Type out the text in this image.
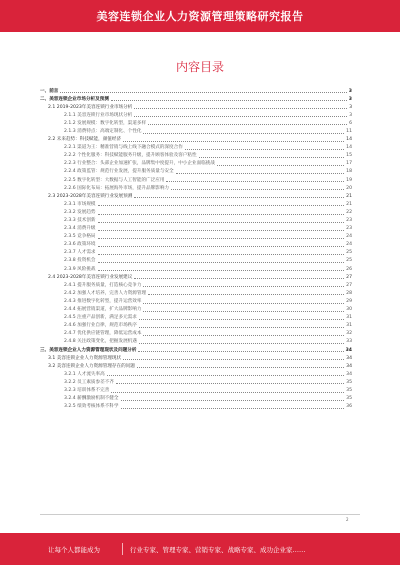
美容连锁企业人力资源管理策略研究报告
内容目录
一、前言	3
二、美容连锁企业市场分析及预测	3
2.1 2019-2023年美容连锁行业市场分析	3
2.1.1 美容连锁行业市场现状分析	3
2.1.2 发展规模：数字化转型，渠道多样	6
2.1.3 消费特点：高端定制化、个性化	11
2.2 未来趋势：科技赋能，颜值经济	14
2.2.1 渠道为王：精准营销与线上线下融合模式的深度合作	14
2.2.2 个性化服务：科技赋能服务升级，提升顾客体验及客户粘性	15
2.2.3 行业整合：头部企业加速扩张，品牌集中度提升，中小企业面临挑战	17
2.2.4 政策监管：规范行业发展，提升服务质量与安全	18
2.2.5 数字化转型：大数据与人工智能的广泛应用	19
2.2.6 国际化布局：拓展海外市场，提升品牌影响力	20
2.3 2023-2028年美容连锁行业发展预测	21
2.3.1 市场规模	21
2.3.2 发展趋势	22
2.3.3 技术创新	23
2.3.4 消费升级	23
2.3.5 竞争格局	24
2.3.6 政策环境	24
2.3.7 人才需求	25
2.3.8 投资机会	25
2.3.9 风险挑战	26
2.4 2023-2028年美容连锁行业发展建议	27
2.4.1 提升服务质量，打造核心竞争力	27
2.4.2 加强人才培养，完善人力资源管理	28
2.4.3 推进数字化转型，提升运营效率	29
2.4.4 拓展营销渠道，扩大品牌影响力	30
2.4.5 注重产品创新，满足多元需求	31
2.4.6 加强行业自律，规范市场秩序	31
2.4.7 优化供应链管理，降低运营成本	32
2.4.8 关注政策变化，把握发展机遇	33
三、美容连锁企业人力资源管理现状及问题分析	34
3.1 美容连锁企业人力资源管理现状	34
3.2 美容连锁企业人力资源管理存在的问题	34
3.2.1 人才流失率高	34
3.2.2 员工素质参差不齐	35
3.2.3 培训体系不完善	35
3.2.4 薪酬激励机制不健全	35
3.2.5 绩效考核体系不科学	36
2
让每个人都能成为	行业专家、管理专家、营销专家、战略专家、成功企业家……
